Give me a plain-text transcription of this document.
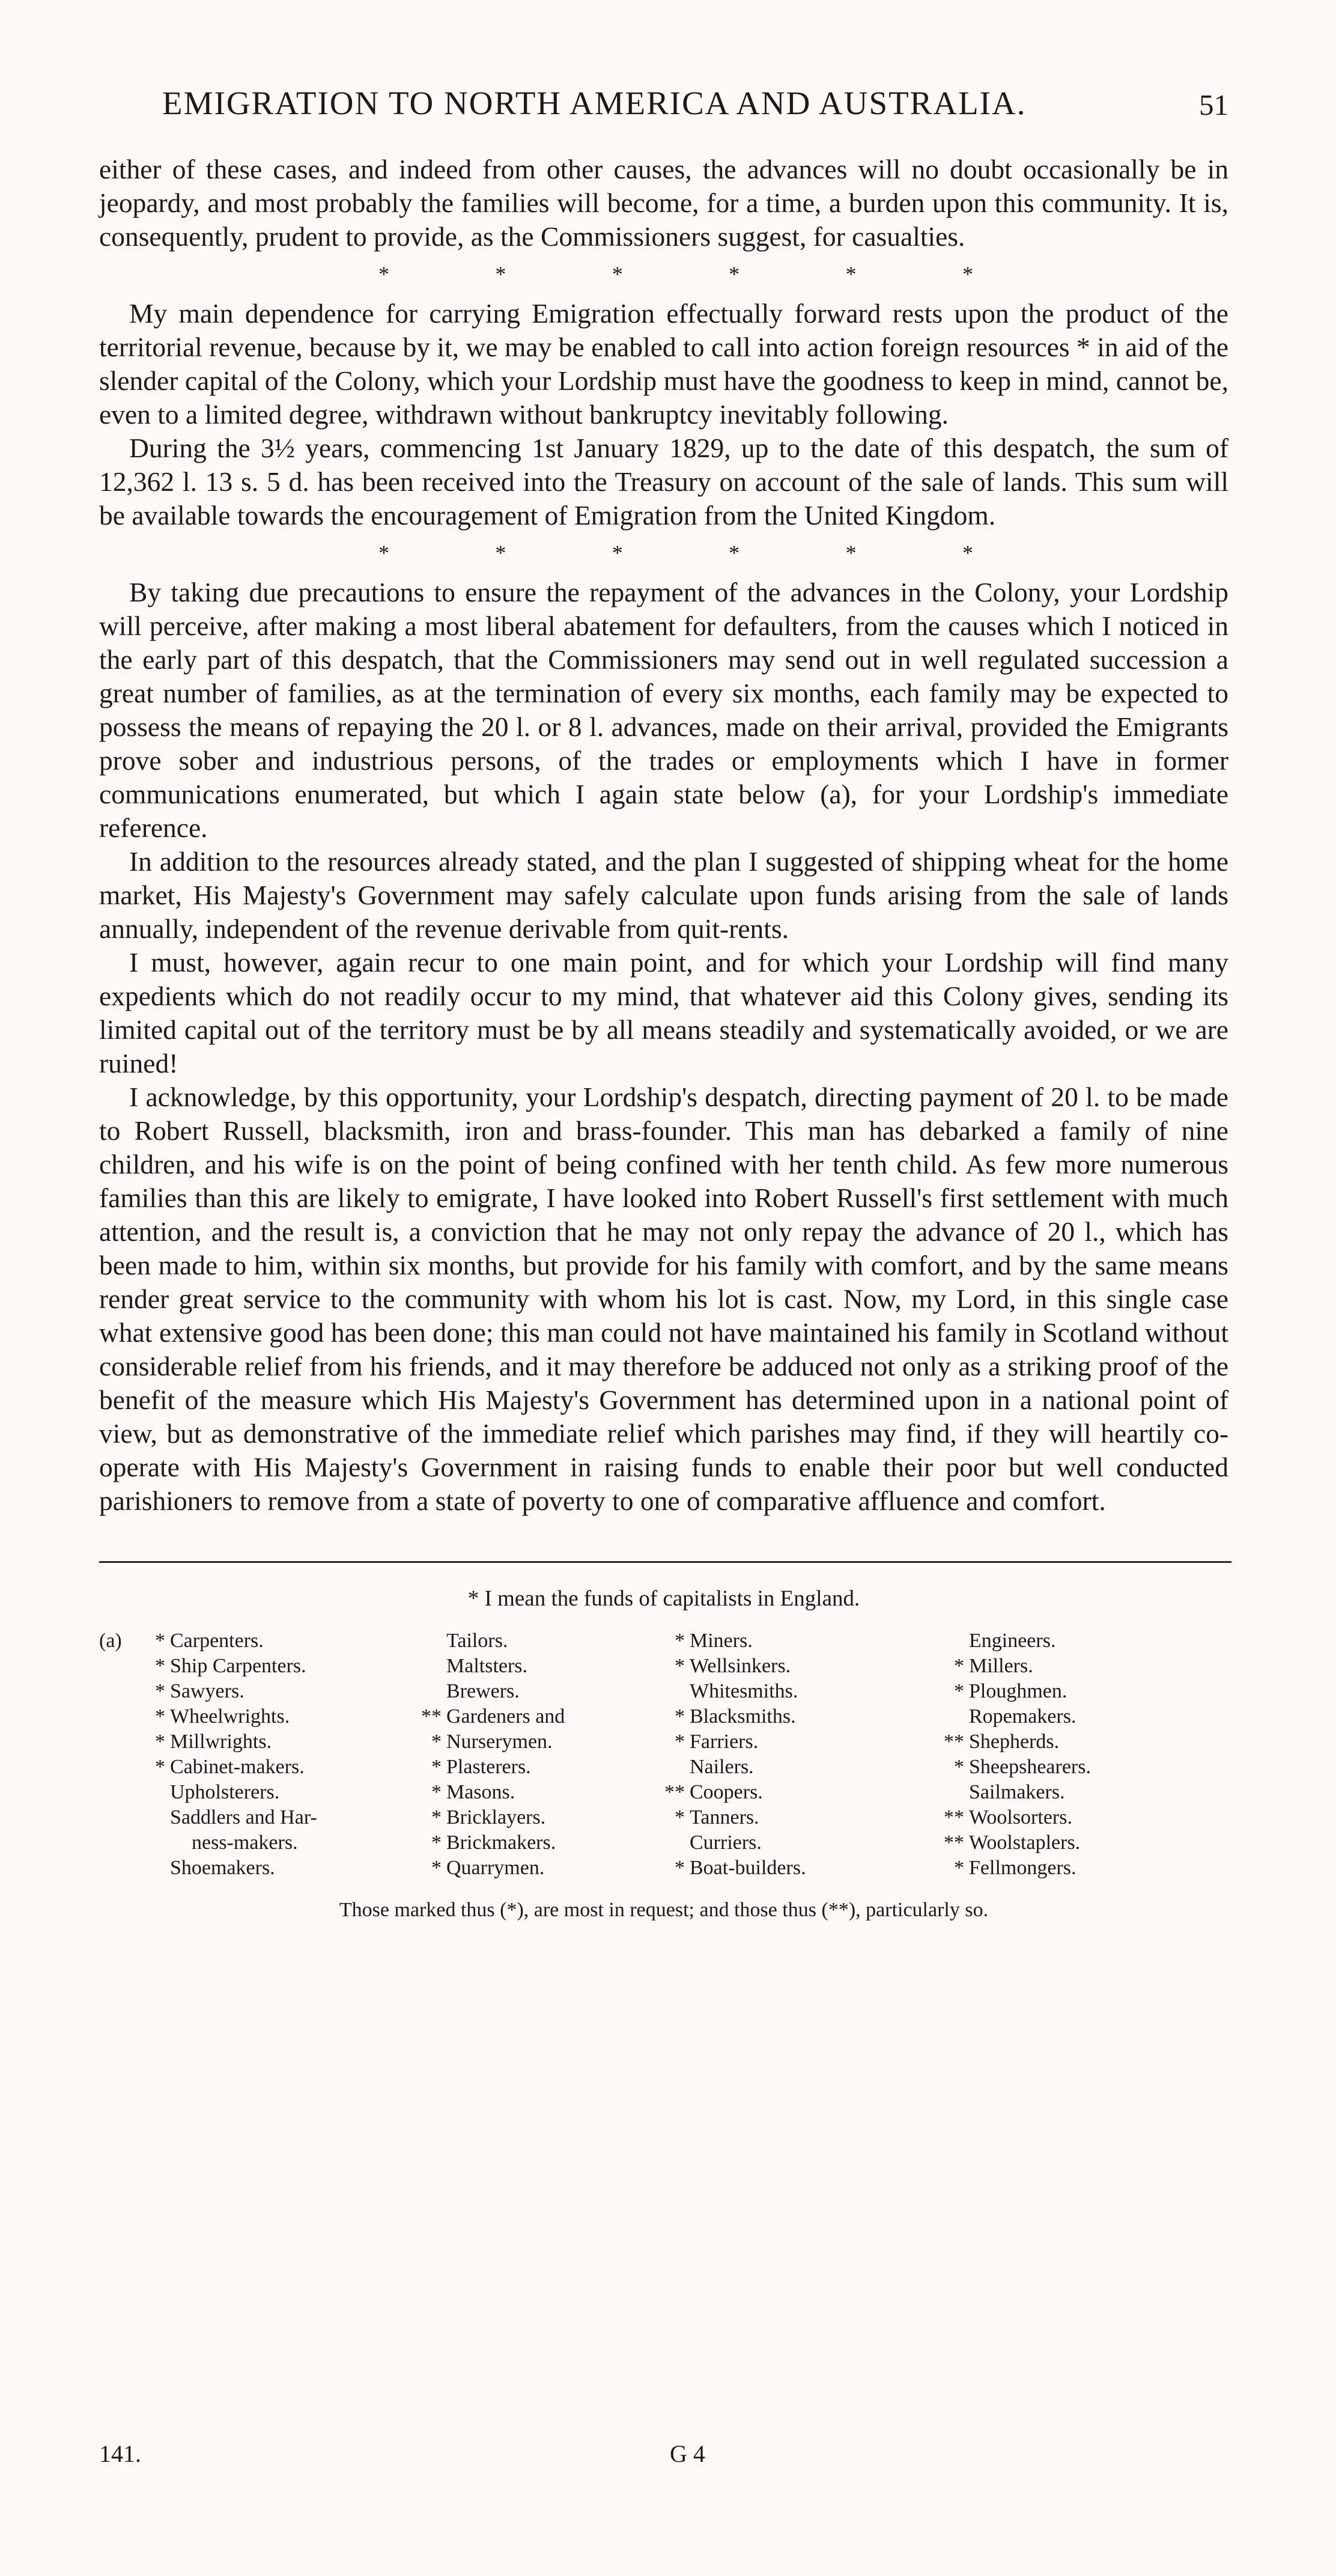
EMIGRATION TO NORTH AMERICA AND AUSTRALIA.	51

either of these cases, and indeed from other causes, the advances will no doubt occasionally be in jeopardy, and most probably the families will become, for a time, a burden upon this community. It is, consequently, prudent to provide, as the Commissioners suggest, for casualties.

*	*	*	*	*	*

My main dependence for carrying Emigration effectually forward rests upon the product of the territorial revenue, because by it, we may be enabled to call into action foreign resources * in aid of the slender capital of the Colony, which your Lordship must have the goodness to keep in mind, cannot be, even to a limited degree, withdrawn without bankruptcy inevitably following.

During the 3½ years, commencing 1st January 1829, up to the date of this despatch, the sum of 12,362 l. 13 s. 5 d. has been received into the Treasury on account of the sale of lands. This sum will be available towards the encouragement of Emigration from the United Kingdom.

*	*	*	*	*	*

By taking due precautions to ensure the repayment of the advances in the Colony, your Lordship will perceive, after making a most liberal abatement for defaulters, from the causes which I noticed in the early part of this despatch, that the Commissioners may send out in well regulated succession a great number of families, as at the termination of every six months, each family may be expected to possess the means of repaying the 20 l. or 8 l. advances, made on their arrival, provided the Emigrants prove sober and industrious persons, of the trades or employments which I have in former communications enumerated, but which I again state below (a), for your Lordship's immediate reference.

In addition to the resources already stated, and the plan I suggested of shipping wheat for the home market, His Majesty's Government may safely calculate upon funds arising from the sale of lands annually, independent of the revenue derivable from quit-rents.

I must, however, again recur to one main point, and for which your Lordship will find many expedients which do not readily occur to my mind, that whatever aid this Colony gives, sending its limited capital out of the territory must be by all means steadily and systematically avoided, or we are ruined!

I acknowledge, by this opportunity, your Lordship's despatch, directing payment of 20 l. to be made to Robert Russell, blacksmith, iron and brass-founder. This man has debarked a family of nine children, and his wife is on the point of being confined with her tenth child. As few more numerous families than this are likely to emigrate, I have looked into Robert Russell's first settlement with much attention, and the result is, a conviction that he may not only repay the advance of 20 l., which has been made to him, within six months, but provide for his family with comfort, and by the same means render great service to the community with whom his lot is cast. Now, my Lord, in this single case what extensive good has been done; this man could not have maintained his family in Scotland without considerable relief from his friends, and it may therefore be adduced not only as a striking proof of the benefit of the measure which His Majesty's Government has determined upon in a national point of view, but as demonstrative of the immediate relief which parishes may find, if they will heartily co-operate with His Majesty's Government in raising funds to enable their poor but well conducted parishioners to remove from a state of poverty to one of comparative affluence and comfort.

* I mean the funds of capitalists in England.
(a)	* Carpenters.
* Ship Carpenters.
* Sawyers.
* Wheelwrights.
* Millwrights.
* Cabinet-makers.
Upholsterers.
Saddlers and Har-
ness-makers.
Shoemakers.
Tailors.
Maltsters.
Brewers.
** Gardeners and
* Nurserymen.
* Plasterers.
* Masons.
* Bricklayers.
* Brickmakers.
* Quarrymen.
* Miners.
* Wellsinkers.
Whitesmiths.
* Blacksmiths.
* Farriers.
Nailers.
** Coopers.
* Tanners.
Curriers.
* Boat-builders.
Engineers.
* Millers.
* Ploughmen.
Ropemakers.
** Shepherds.
* Sheepshearers.
Sailmakers.
** Woolsorters.
** Woolstaplers.
* Fellmongers.
Those marked thus (*), are most in request; and those thus (**), particularly so.
141.	G 4
